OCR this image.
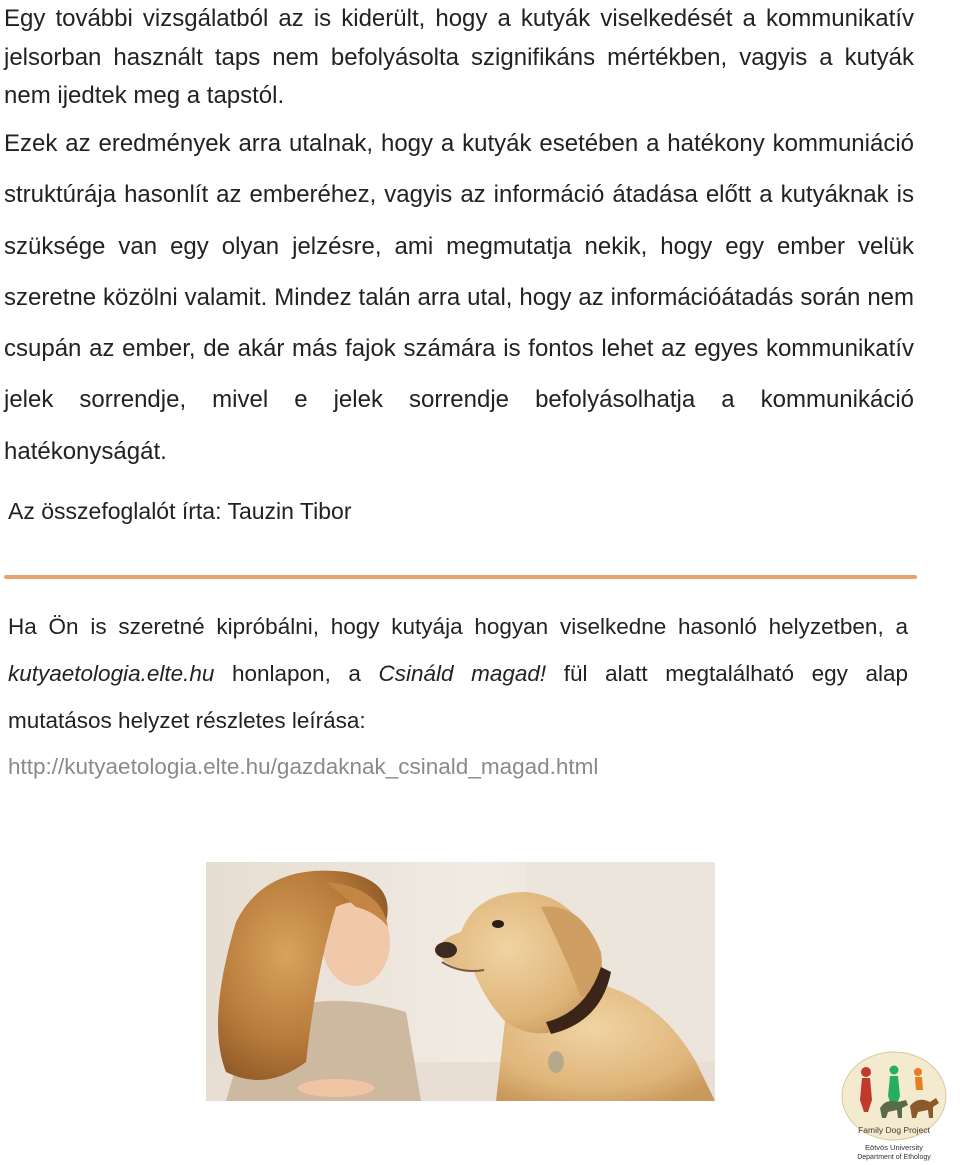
Egy további vizsgálatból az is kiderült, hogy a kutyák viselkedését a kommunikatív jelsorban használt taps nem befolyásolta szignifikáns mértékben, vagyis a kutyák nem ijedtek meg a tapstól.

Ezek az eredmények arra utalnak, hogy a kutyák esetében a hatékony kommuniáció struktúrája hasonlít az emberéhez, vagyis az információ átadása előtt a kutyáknak is szüksége van egy olyan jelzésre, ami megmutatja nekik, hogy egy ember velük szeretne közölni valamit. Mindez talán arra utal, hogy az információátadás során nem csupán az ember, de akár más fajok számára is fontos lehet az egyes kommunikatív jelek sorrendje, mivel e jelek sorrendje befolyásolhatja a kommunikáció hatékonyságát.

Az összefoglalót írta: Tauzin Tibor

Ha Ön is szeretné kipróbálni, hogy kutyája hogyan viselkedne hasonló helyzetben, a kutyaetologia.elte.hu honlapon, a Csináld magad! fül alatt megtalálható egy alap mutatásos helyzet részletes leírása:

http://kutyaetologia.elte.hu/gazdaknak_csinald_magad.html

Family Dog Project
Eötvös University
Department of Ethology
